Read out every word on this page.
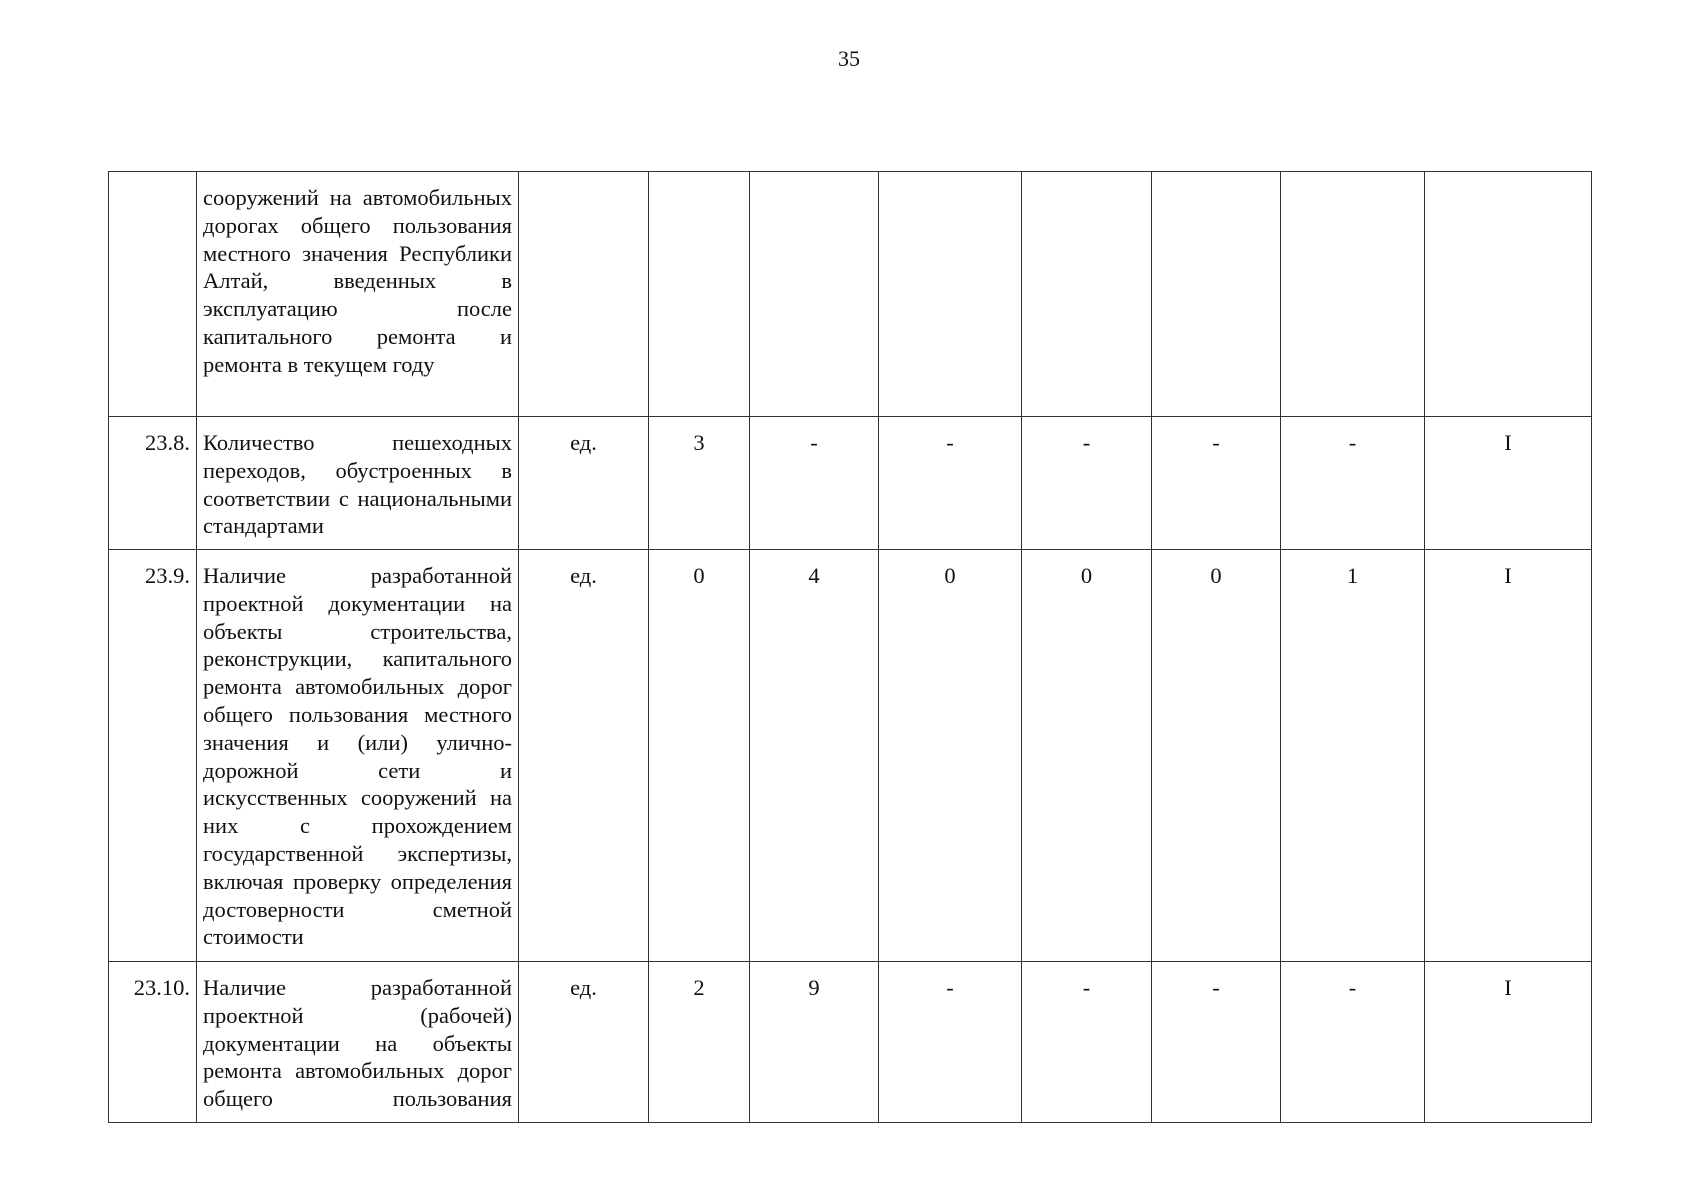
35
	сооружений на автомобильных дорогах общего пользования местного значения Республики Алтай, введенных в эксплуатацию после капитального ремонта и ремонта в текущем году								
23.8.	Количество пешеходных переходов, обустроенных в соответствии с национальными стандартами	ед.	3	-	-	-	-	-	I
23.9.	Наличие разработанной проектной документации на объекты строительства, реконструкции, капитального ремонта автомобильных дорог общего пользования местного значения и (или) улично-дорожной сети и искусственных сооружений на них с прохождением государственной экспертизы, включая проверку определения достоверности сметной стоимости	ед.	0	4	0	0	0	1	I
23.10.	Наличие разработанной проектной (рабочей) документации на объекты ремонта автомобильных дорог общего пользования	ед.	2	9	-	-	-	-	I
